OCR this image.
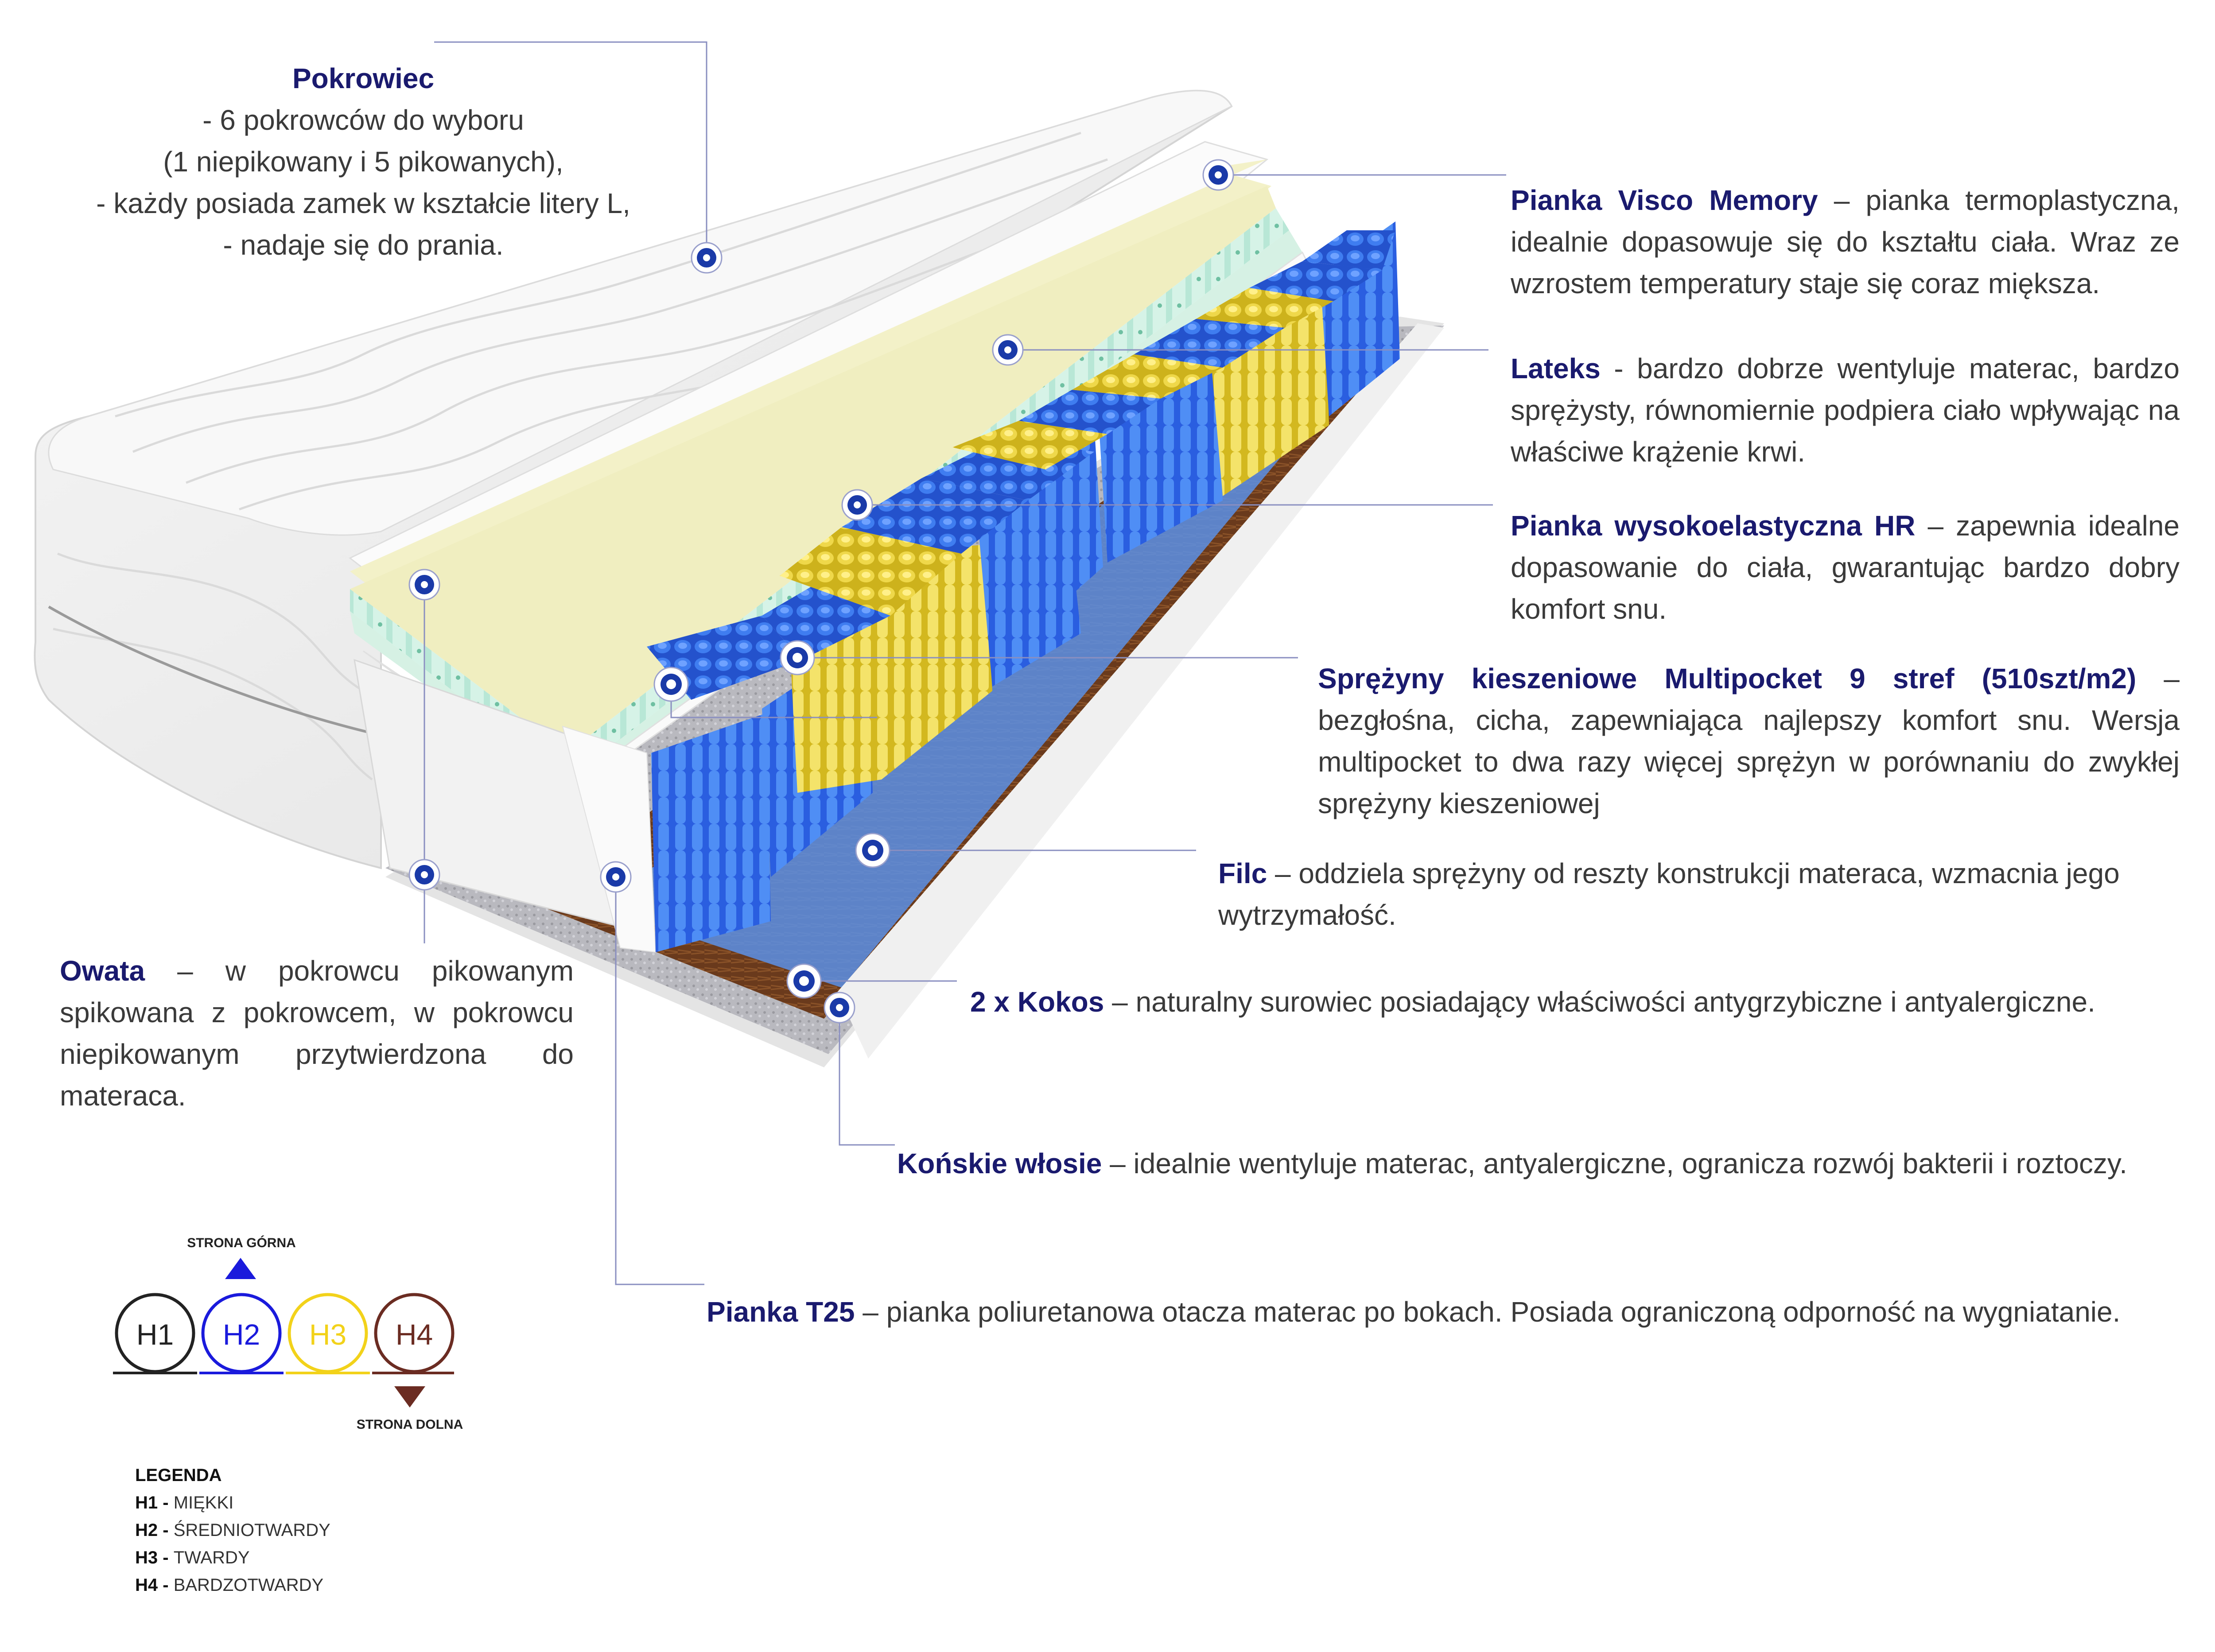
Pokrowiec
- 6 pokrowców do wyboru
(1 niepikowany i 5 pikowanych),
- każdy posiada zamek w kształcie litery L,
- nadaje się do prania.
Pianka Visco Memory – pianka termoplastyczna, idealnie dopasowuje się do kształtu ciała. Wraz ze wzrostem temperatury staje się coraz miększa.
Lateks - bardzo dobrze wentyluje materac, bardzo sprężysty, równomiernie podpiera ciało wpływając na właściwe krążenie krwi.
Pianka wysokoelastyczna HR – zapewnia idealne dopasowanie do ciała, gwarantując bardzo dobry komfort snu.
Sprężyny kieszeniowe Multipocket 9 stref (510szt/m2) – bezgłośna, cicha, zapewniająca najlepszy komfort snu. Wersja multipocket to dwa razy więcej sprężyn w porównaniu do zwykłej sprężyny kieszeniowej
Filc – oddziela sprężyny od reszty konstrukcji materaca, wzmacnia jego wytrzymałość.
2 x Kokos – naturalny surowiec posiadający właściwości antygrzybiczne i antyalergiczne.
Końskie włosie – idealnie wentyluje materac, antyalergiczne, ogranicza rozwój bakterii i roztoczy.
Pianka T25 – pianka poliuretanowa otacza materac po bokach. Posiada ograniczoną odporność na wygniatanie.
Owata – w pokrowcu pikowanym spikowana z pokrowcem, w pokrowcu niepikowanym przytwierdzona do materaca.
STRONA GÓRNA
STRONA DOLNA
H1	H2	H3	H4
LEGENDA
H1 - MIĘKKI
H2 - ŚREDNIOTWARDY
H3 - TWARDY
H4 - BARDZOTWARDY
